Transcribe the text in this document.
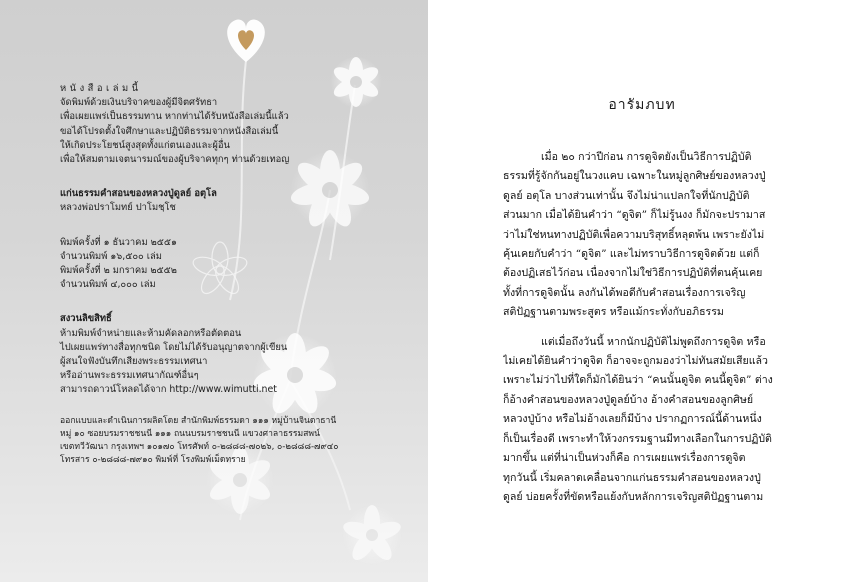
หนังสือเล่มนี้
จัดพิมพ์ด้วยเงินบริจาคของผู้มีจิตศรัทธา
เพื่อเผยแพร่เป็นธรรมทาน หากท่านได้รับหนังสือเล่มนี้แล้ว
ขอได้โปรดตั้งใจศึกษาและปฏิบัติธรรมจากหนังสือเล่มนี้
ให้เกิดประโยชน์สูงสุดทั้งแก่ตนเองและผู้อื่น
เพื่อให้สมตามเจตนารมณ์ของผู้บริจาคทุกๆ ท่านด้วยเทอญ
แก่นธรรมคำสอนของหลวงปู่ดูลย์ อตุโล
หลวงพ่อปราโมทย์ ปาโมชฺโช
พิมพ์ครั้งที่ ๑ ธันวาคม ๒๕๕๑
จำนวนพิมพ์ ๑๖,๕๐๐ เล่ม
พิมพ์ครั้งที่ ๒ มกราคม ๒๕๕๒
จำนวนพิมพ์ ๔,๐๐๐ เล่ม
สงวนลิขสิทธิ์
ห้ามพิมพ์จำหน่ายและห้ามคัดลอกหรือตัดตอน
ไปเผยแพร่ทางสื่อทุกชนิด โดยไม่ได้รับอนุญาตจากผู้เขียน
ผู้สนใจฟังบันทึกเสียงพระธรรมเทศนา
หรืออ่านพระธรรมเทศนากัณฑ์อื่นๆ
สามารถดาวน์โหลดได้จาก http://www.wimutti.net
ออกแบบและดำเนินการผลิตโดย สำนักพิมพ์ธรรมดา ๑๑๑ หมู่บ้านจินดาธานี
หมู่ ๑๐ ซอยบรมราชชนนี ๑๑๑ ถนนบรมราชชนนี แขวงศาลาธรรมสพน์
เขตทวีวัฒนา กรุงเทพฯ ๑๐๑๗๐ โทรศัพท์ ๐-๒๘๘๘-๗๐๒๖, ๐-๒๘๘๘-๗๙๔๐
โทรสาร ๐-๒๘๘๘-๗๙๑๐ พิมพ์ที่ โรงพิมพ์เม็ดทราย
อารัมภบท
เมื่อ ๒๐ กว่าปีก่อน การดูจิตยังเป็นวิธีการปฏิบัติ
ธรรมที่รู้จักกันอยู่ในวงแคบ เฉพาะในหมู่ลูกศิษย์ของหลวงปู่
ดูลย์ อตุโล บางส่วนเท่านั้น จึงไม่น่าแปลกใจที่นักปฏิบัติ
ส่วนมาก เมื่อได้ยินคำว่า “ดูจิต” ก็ไม่รู้นงง ก็มักจะปรามาส
ว่าไม่ใช่หนทางปฏิบัติเพื่อความบริสุทธิ์หลุดพ้น เพราะยังไม่
คุ้นเคยกับคำว่า “ดูจิต” และไม่ทราบวิธีการดูจิตด้วย แต่ก็
ต้องปฏิเสธไว้ก่อน เนื่องจากไม่ใช่วิธีการปฏิบัติที่ตนคุ้นเคย
ทั้งที่การดูจิตนั้น ลงกันได้พอดีกับคำสอนเรื่องการเจริญ
สติปัฏฐานตามพระสูตร หรือแม้กระทั่งกับอภิธรรม
แต่เมื่อถึงวันนี้ หากนักปฏิบัติไม่พูดถึงการดูจิต หรือ
ไม่เคยได้ยินคำว่าดูจิต ก็อาจจะถูกมองว่าไม่ทันสมัยเสียแล้ว
เพราะไม่ว่าไปที่ใดก็มักได้ยินว่า “คนนั้นดูจิต คนนี้ดูจิต” ต่าง
ก็อ้างคำสอนของหลวงปู่ดูลย์บ้าง อ้างคำสอนของลูกศิษย์
หลวงปู่บ้าง หรือไม่อ้างเลยก็มีบ้าง ปรากฏการณ์นี้ด้านหนึ่ง
ก็เป็นเรื่องดี เพราะทำให้วงกรรมฐานมีทางเลือกในการปฏิบัติ
มากขึ้น แต่ที่น่าเป็นห่วงก็คือ การเผยแพร่เรื่องการดูจิต
ทุกวันนี้ เริ่มคลาดเคลื่อนจากแก่นธรรมคำสอนของหลวงปู่
ดูลย์ บ่อยครั้งที่ขัดหรือแย้งกับหลักการเจริญสติปัฏฐานตาม
